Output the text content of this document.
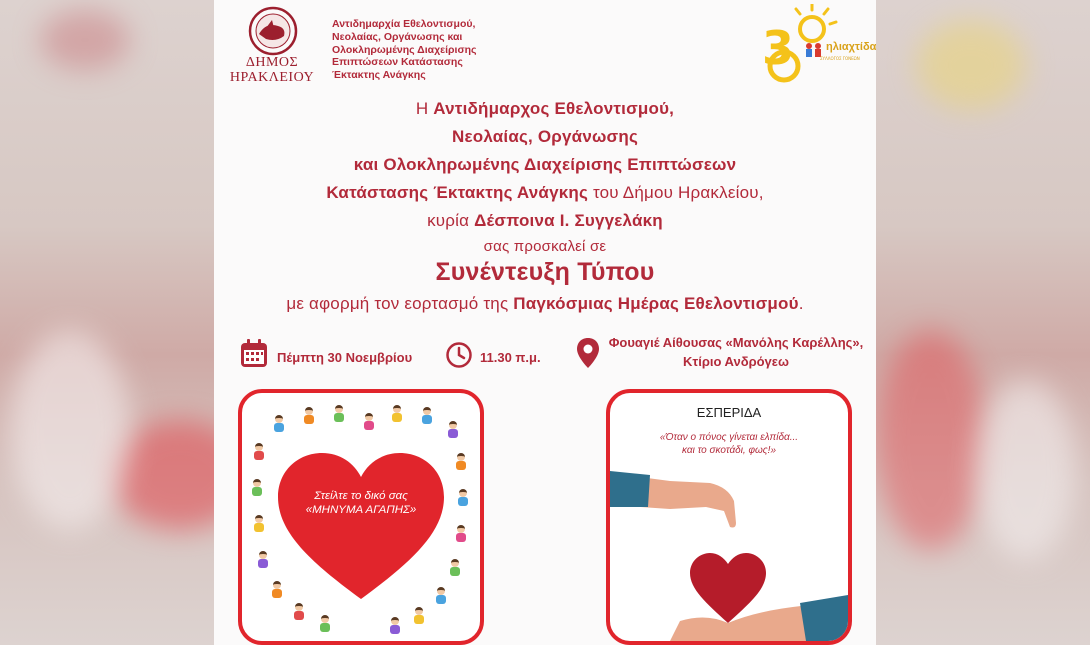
ΔΗΜΟΣ
ΗΡΑΚΛΕΙΟΥ
Αντιδημαρχία Εθελοντισμού,
Νεολαίας, Οργάνωσης και
Ολοκληρωμένης Διαχείρισης
Επιπτώσεων Κατάστασης
Έκτακτης Ανάγκης
3	ΣΥΛΛΟΓΟΣ ΓΟΝΕΩΝ
ηλιαχτίδα
Η Αντιδήμαρχος Εθελοντισμού,
Νεολαίας, Οργάνωσης
και Ολοκληρωμένης Διαχείρισης Επιπτώσεων
Κατάστασης Έκτακτης Ανάγκης του Δήμου Ηρακλείου,
κυρία Δέσποινα Ι. Συγγελάκη
σας προσκαλεί σε
Συνέντευξη Τύπου
με αφορμή τον εορτασμό της Παγκόσμιας Ημέρας Εθελοντισμού.
Πέμπτη 30 Νοεμβρίου	11.30 π.μ.
Φουαγιέ Αίθουσας «Μανόλης Καρέλλης»,
Κτίριο Ανδρόγεω
Στείλτε το δικό σας
«ΜΗΝΥΜΑ ΑΓΑΠΗΣ»
ΕΣΠΕΡΙΔΑ
«Όταν ο πόνος γίνεται ελπίδα...
και το σκοτάδι, φως!»
